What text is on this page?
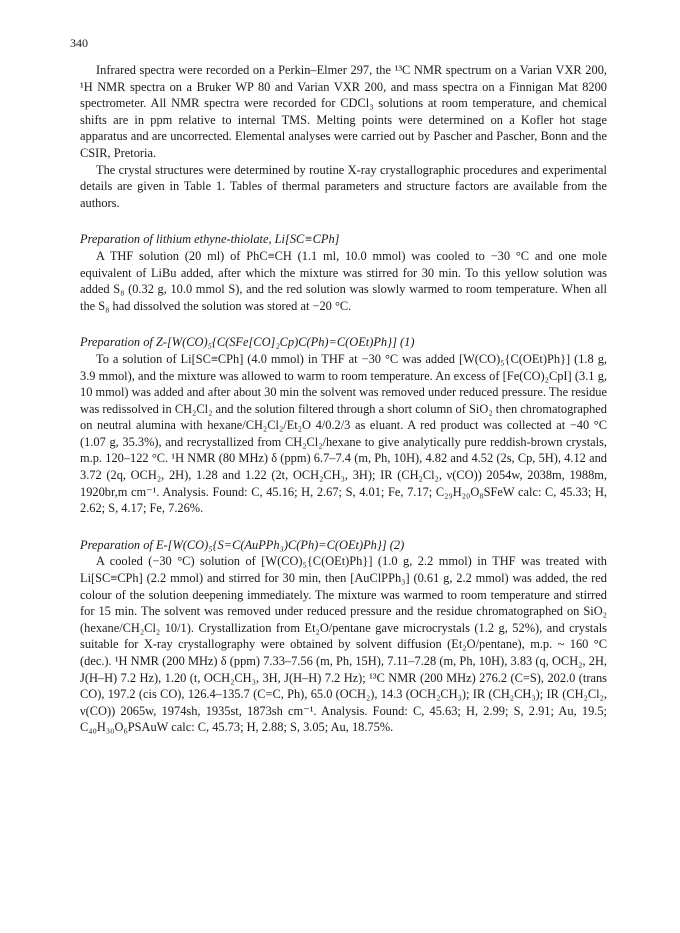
340

Infrared spectra were recorded on a Perkin–Elmer 297, the ¹³C NMR spectrum on a Varian VXR 200, ¹H NMR spectra on a Bruker WP 80 and Varian VXR 200, and mass spectra on a Finnigan Mat 8200 spectrometer. All NMR spectra were recorded for CDCl₃ solutions at room temperature, and chemical shifts are in ppm relative to internal TMS. Melting points were determined on a Kofler hot stage apparatus and are uncorrected. Elemental analyses were carried out by Pascher and Pascher, Bonn and the CSIR, Pretoria.

The crystal structures were determined by routine X-ray crystallographic procedures and experimental details are given in Table 1. Tables of thermal parameters and structure factors are available from the authors.

Preparation of lithium ethyne-thiolate, Li[SC≡CPh]

A THF solution (20 ml) of PhC≡CH (1.1 ml, 10.0 mmol) was cooled to −30 °C and one mole equivalent of LiBu added, after which the mixture was stirred for 30 min. To this yellow solution was added S₈ (0.32 g, 10.0 mmol S), and the red solution was slowly warmed to room temperature. When all the S₈ had dissolved the solution was stored at −20 °C.

Preparation of Z-[W(CO)₅{C(SFe[CO]₂Cp)C(Ph)=C(OEt)Ph}] (1)

To a solution of Li[SC≡CPh] (4.0 mmol) in THF at −30 °C was added [W(CO)₅{C(OEt)Ph}] (1.8 g, 3.9 mmol), and the mixture was allowed to warm to room temperature. An excess of [Fe(CO)₂CpI] (3.1 g, 10 mmol) was added and after about 30 min the solvent was removed under reduced pressure. The residue was redissolved in CH₂Cl₂ and the solution filtered through a short column of SiO₂ then chromatographed on neutral alumina with hexane/CH₂Cl₂/Et₂O 4/0.2/3 as eluant. A red product was collected at −40 °C (1.07 g, 35.3%), and recrystallized from CH₂Cl₂/hexane to give analytically pure reddish-brown crystals, m.p. 120–122 °C. ¹H NMR (80 MHz) δ (ppm) 6.7–7.4 (m, Ph, 10H), 4.82 and 4.52 (2s, Cp, 5H), 4.12 and 3.72 (2q, OCH₂, 2H), 1.28 and 1.22 (2t, OCH₂CH₃, 3H); IR (CH₂Cl₂, ν(CO)) 2054w, 2038m, 1988m, 1920br,m cm⁻¹. Analysis. Found: C, 45.16; H, 2.67; S, 4.01; Fe, 7.17; C₂₉H₂₀O₈SFeW calc: C, 45.33; H, 2.62; S, 4.17; Fe, 7.26%.

Preparation of E-[W(CO)₅{S=C(AuPPh₃)C(Ph)=C(OEt)Ph}] (2)

A cooled (−30 °C) solution of [W(CO)₅{C(OEt)Ph}] (1.0 g, 2.2 mmol) in THF was treated with Li[SC≡CPh] (2.2 mmol) and stirred for 30 min, then [AuClPPh₃] (0.61 g, 2.2 mmol) was added, the red colour of the solution deepening immediately. The mixture was warmed to room temperature and stirred for 15 min. The solvent was removed under reduced pressure and the residue chromatographed on SiO₂ (hexane/CH₂Cl₂ 10/1). Crystallization from Et₂O/pentane gave microcrystals (1.2 g, 52%), and crystals suitable for X-ray crystallography were obtained by solvent diffusion (Et₂O/pentane), m.p. ~ 160 °C (dec.). ¹H NMR (200 MHz) δ (ppm) 7.33–7.56 (m, Ph, 15H), 7.11–7.28 (m, Ph, 10H), 3.83 (q, OCH₂, 2H, J(H–H) 7.2 Hz), 1.20 (t, OCH₂CH₃, 3H, J(H–H) 7.2 Hz); ¹³C NMR (200 MHz) 276.2 (C=S), 202.0 (trans CO), 197.2 (cis CO), 126.4–135.7 (C=C, Ph), 65.0 (OCH₂), 14.3 (OCH₂CH₃); IR (CH₂CH₃); IR (CH₂Cl₂, ν(CO)) 2065w, 1974sh, 1935st, 1873sh cm⁻¹. Analysis. Found: C, 45.63; H, 2.99; S, 2.91; Au, 19.5; C₄₀H₃₀O₆PSAuW calc: C, 45.73; H, 2.88; S, 3.05; Au, 18.75%.
